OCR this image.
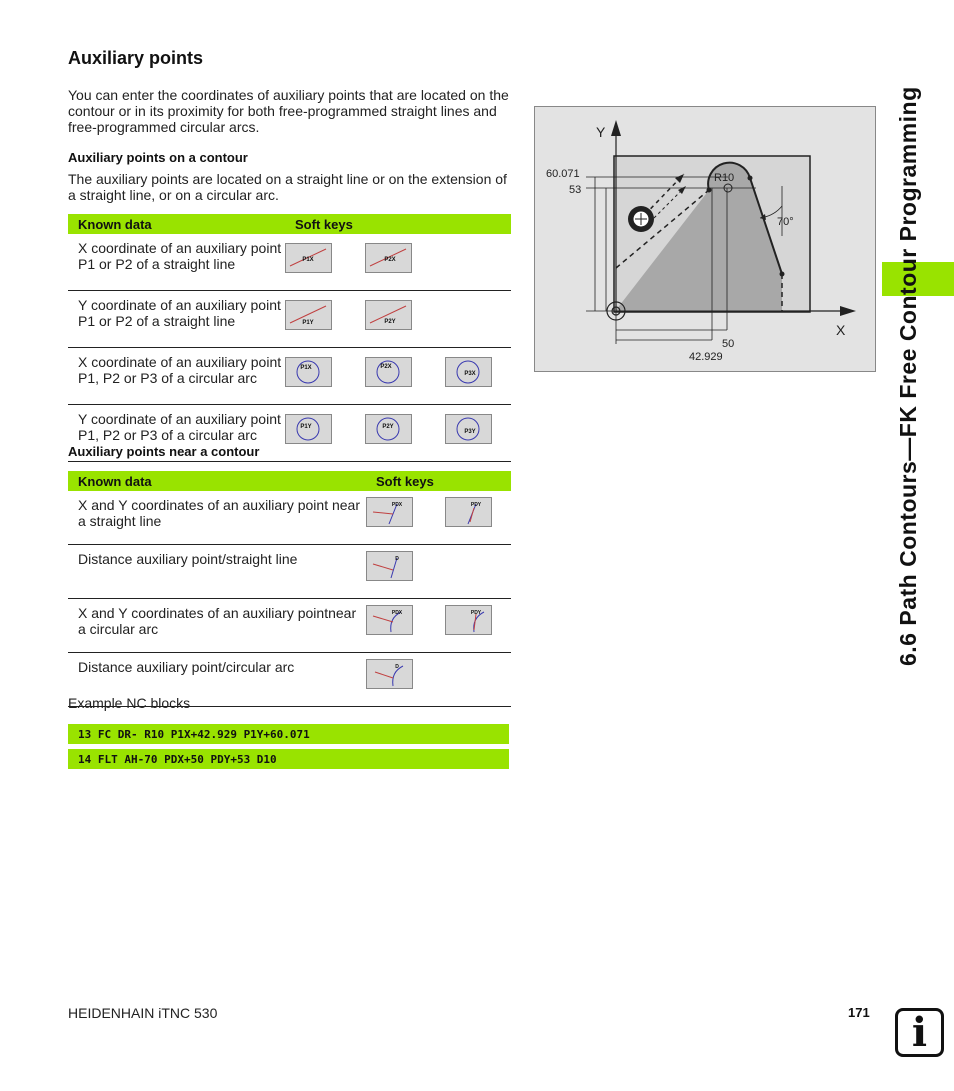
Auxiliary points
You can enter the coordinates of auxiliary points that are located on the contour or in its proximity for both free-programmed straight lines and free-programmed circular arcs.
Auxiliary points on a contour
The auxiliary points are located on a straight line or on the extension of a straight line, or on a circular arc.
Known data	Soft keys		
X coordinate of an auxiliary point P1 or P2 of a straight line	P1X	P2X	

Y coordinate of an auxiliary point P1 or P2 of a straight line	P1Y	P2Y	

X coordinate of an auxiliary point P1, P2 or P3 of a circular arc	P1X	P2X	P3X

Y coordinate of an auxiliary point P1, P2 or P3 of a circular arc	P1Y	P2Y	P3Y
Auxiliary points near a contour
Known data	Soft keys	
X and Y coordinates of an auxiliary point near a straight line	PDX	PDY

Distance auxiliary point/straight line	D	

X and Y coordinates of an auxiliary pointnear a circular arc	PDX	PDY

Distance auxiliary point/circular arc	D	

Example NC blocks
13 FC DR- R10 P1X+42.929 P1Y+60.071
14 FLT AH-70 PDX+50 PDY+53 D10
Y
X
60.071
53
50
42.929
R10
70°	6.6 Path Contours—FK Free Contour Programming
HEIDENHAIN iTNC 530	171	i
